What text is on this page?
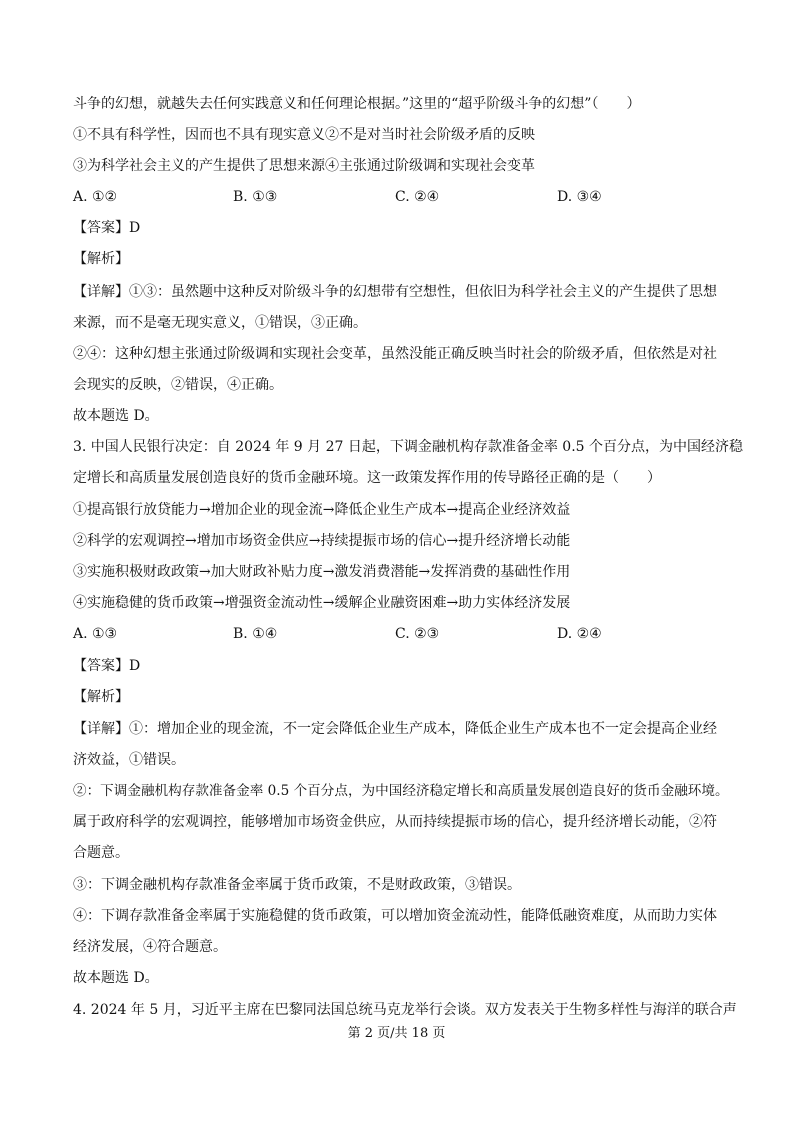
斗争的幻想，就越失去任何实践意义和任何理论根据。”这里的“超乎阶级斗争的幻想”（　　）
①不具有科学性，因而也不具有现实意义②不是对当时社会阶级矛盾的反映
③为科学社会主义的产生提供了思想来源④主张通过阶级调和实现社会变革
A. ①②	B. ①③	C. ②④	D. ③④
【答案】D
【解析】
【详解】①③：虽然题中这种反对阶级斗争的幻想带有空想性，但依旧为科学社会主义的产生提供了思想
来源，而不是毫无现实意义，①错误，③正确。
②④：这种幻想主张通过阶级调和实现社会变革，虽然没能正确反映当时社会的阶级矛盾，但依然是对社
会现实的反映，②错误，④正确。
故本题选 D。
3. 中国人民银行决定：自 2024 年 9 月 27 日起，下调金融机构存款准备金率 0.5 个百分点，为中国经济稳
定增长和高质量发展创造良好的货币金融环境。这一政策发挥作用的传导路径正确的是（　　）
①提高银行放贷能力→增加企业的现金流→降低企业生产成本→提高企业经济效益
②科学的宏观调控→增加市场资金供应→持续提振市场的信心→提升经济增长动能
③实施积极财政政策→加大财政补贴力度→激发消费潜能→发挥消费的基础性作用
④实施稳健的货币政策→增强资金流动性→缓解企业融资困难→助力实体经济发展
A. ①③	B. ①④	C. ②③	D. ②④
【答案】D
【解析】
【详解】①：增加企业的现金流，不一定会降低企业生产成本，降低企业生产成本也不一定会提高企业经
济效益，①错误。
②：下调金融机构存款准备金率 0.5 个百分点，为中国经济稳定增长和高质量发展创造良好的货币金融环境。
属于政府科学的宏观调控，能够增加市场资金供应，从而持续提振市场的信心，提升经济增长动能，②符
合题意。
③：下调金融机构存款准备金率属于货币政策，不是财政政策，③错误。
④：下调存款准备金率属于实施稳健的货币政策，可以增加资金流动性，能降低融资难度，从而助力实体
经济发展，④符合题意。
故本题选 D。
4. 2024 年 5 月，习近平主席在巴黎同法国总统马克龙举行会谈。双方发表关于生物多样性与海洋的联合声
第 2 页/共 18 页
